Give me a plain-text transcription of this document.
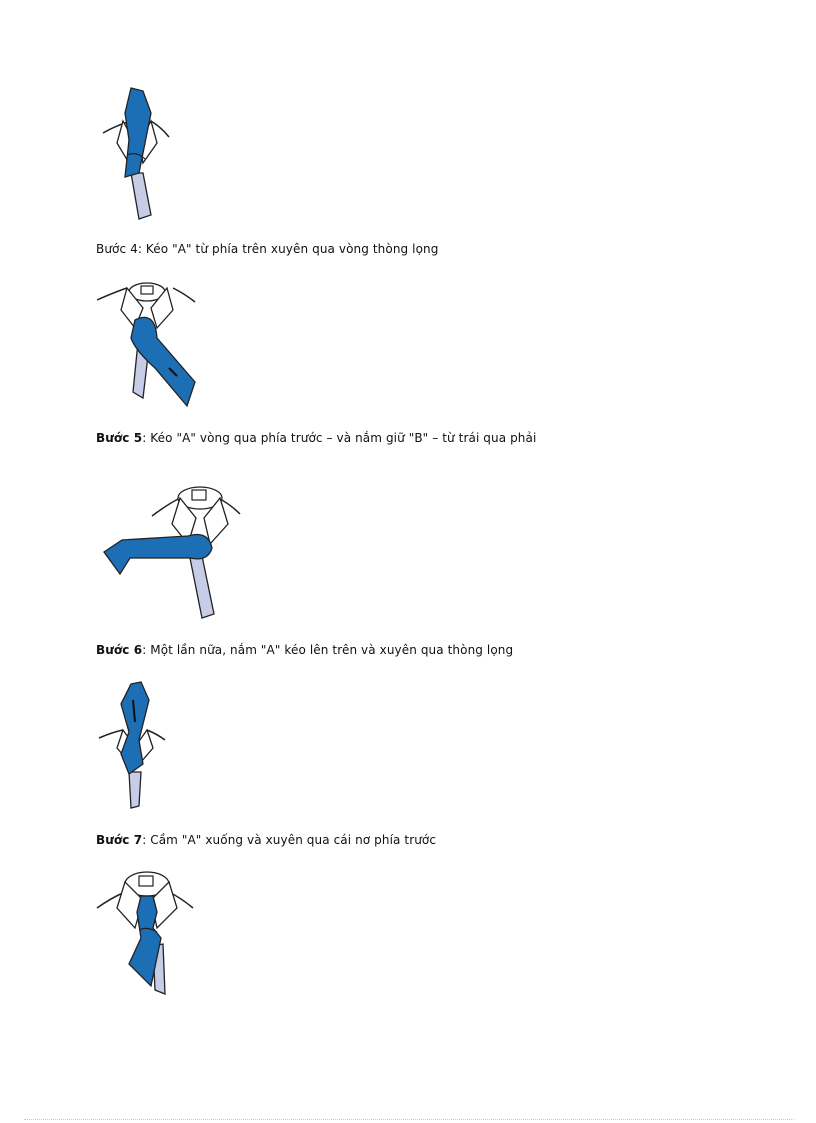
Bước 4: Kéo "A" từ phía trên xuyên qua vòng thòng lọng
Bước 5: Kéo "A" vòng qua phía trước – và nắm giữ "B" – từ trái qua phải
Bước 6: Một lần nữa, nắm "A" kéo lên trên và xuyên qua thòng lọng
Bước 7: Cầm "A" xuống và xuyên qua cái nơ phía trước
